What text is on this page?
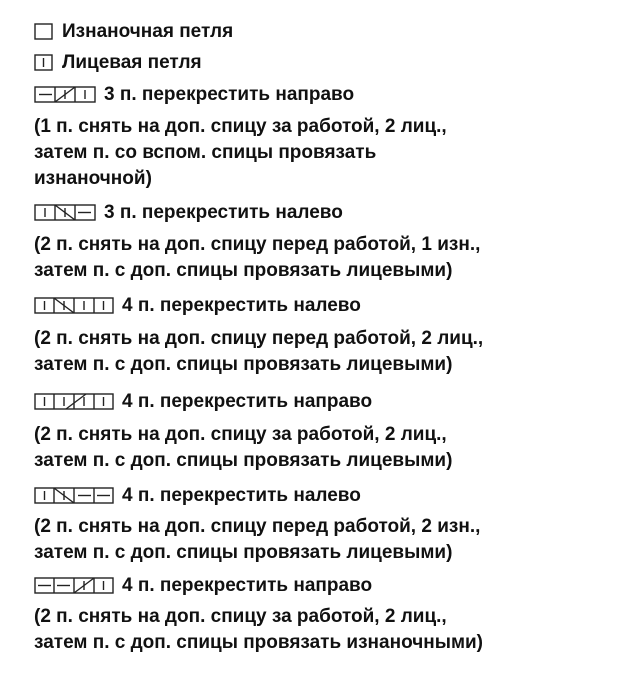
Изнаночная петля
Лицевая петля
3 п. перекрестить направо
(1 п. снять на доп. спицу за работой, 2 лиц.,
затем п. со вспом. спицы провязать
изнаночной)
3 п. перекрестить налево
(2 п. снять на доп. спицу перед работой, 1 изн.,
затем п. с доп. спицы провязать лицевыми)
4 п. перекрестить налево
(2 п. снять на доп. спицу перед работой, 2 лиц.,
затем п. с доп. спицы провязать лицевыми)
4 п. перекрестить направо
(2 п. снять на доп. спицу за работой, 2 лиц.,
затем п. с доп. спицы провязать лицевыми)
4 п. перекрестить налево
(2 п. снять на доп. спицу перед работой, 2 изн.,
затем п. с доп. спицы провязать лицевыми)
4 п. перекрестить направо
(2 п. снять на доп. спицу за работой, 2 лиц.,
затем п. с доп. спицы провязать изнаночными)
